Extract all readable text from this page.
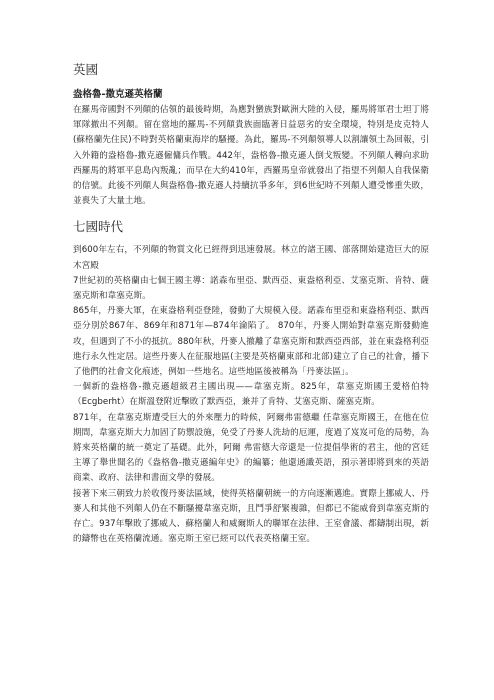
英國
盎格魯-撒克遜英格蘭

在羅馬帝國對不列顛的佔領的最後時期，為應對蠻族對歐洲大陸的入侵，羅馬將軍君士坦丁將軍隊撤出不列顛。留在當地的羅馬-不列顛貴族面臨著日益惡劣的安全環境，特別是皮克特人(蘇格蘭先住民)不時對英格蘭東海岸的騷擾。為此，羅馬-不列顛領導人以割讓領土為回報，引入外籍的盎格魯-撒克遜僱傭兵作戰。442年，盎格魯-撒克遜人倒戈叛變。不列顛人轉向求助西羅馬的將軍平息島內叛亂；而早在大約410年，西羅馬皇帝就發出了指望不列顛人自我保衛的信號。此後不列顛人與盎格魯-撒克遜人持續抗爭多年，到6世紀時不列顛人遭受慘重失敗，並喪失了大量土地。

七國時代

到600年左右，不列顛的物質文化已經得到迅速發展。林立的諸王國、部落開始建造巨大的原木宮殿

7世紀初的英格蘭由七個王國主導：諾森布里亞、默西亞、東盎格利亞、艾塞克斯、肯特、薩塞克斯和韋塞克斯。

865年，丹麥大軍，在東盎格利亞登陸，發動了大規模入侵。諾森布里亞和東盎格利亞、默西亞分別於867年、869年和871年—874年淪陷了。 870年，丹麥人開始對韋塞克斯發動進攻，但遇到了不小的抵抗。880年秋，丹麥人撤離了韋塞克斯和默西亞西部，並在東盎格利亞進行永久性定居。這些丹麥人在征服地區(主要是英格蘭東部和北部)建立了自己的社會，播下了他們的社會文化痕迹，例如一些地名。這些地區後被稱為「丹麥法區」。

一個新的盎格魯-撒克遜超級君主國出現——韋塞克斯。825年，韋塞克斯國王愛格伯特（Ecgberht）在斯溫登附近擊敗了默西亞，兼并了肯特、艾塞克斯、薩塞克斯。

871年，在韋塞克斯遭受巨大的外來壓力的時候，阿爾弗雷德繼 任韋塞克斯國王，在他在位期間，韋塞克斯大力加固了防禦設施，免受了丹麥人洗劫的厄運，度過了岌岌可危的局勢，為將來英格蘭的統一奠定了基礎。此外，阿爾 弗雷德大帝還是一位提倡學術的君主，他的宮廷主導了舉世聞名的《盎格魯-撒克遜編年史》的編纂；他還通識英語，預示著即將到來的英語商業、政府、法律和書面文學的發展。

接著下來三朝致力於收復丹麥法區域，使得英格蘭朝統一的方向逐漸邁進。實際上挪威人、丹麥人和其他不列顛人仍在不斷騷擾韋塞克斯，且鬥爭舒緊複雜，但都已不能威脅到韋塞克斯的存亡。937年擊敗了挪威人、蘇格蘭人和威爾斯人的聯軍在法律、王室會議、都鑄制出現，新的鑄幣也在英格蘭流通。塞克斯王室已經可以代表英格蘭王室。
